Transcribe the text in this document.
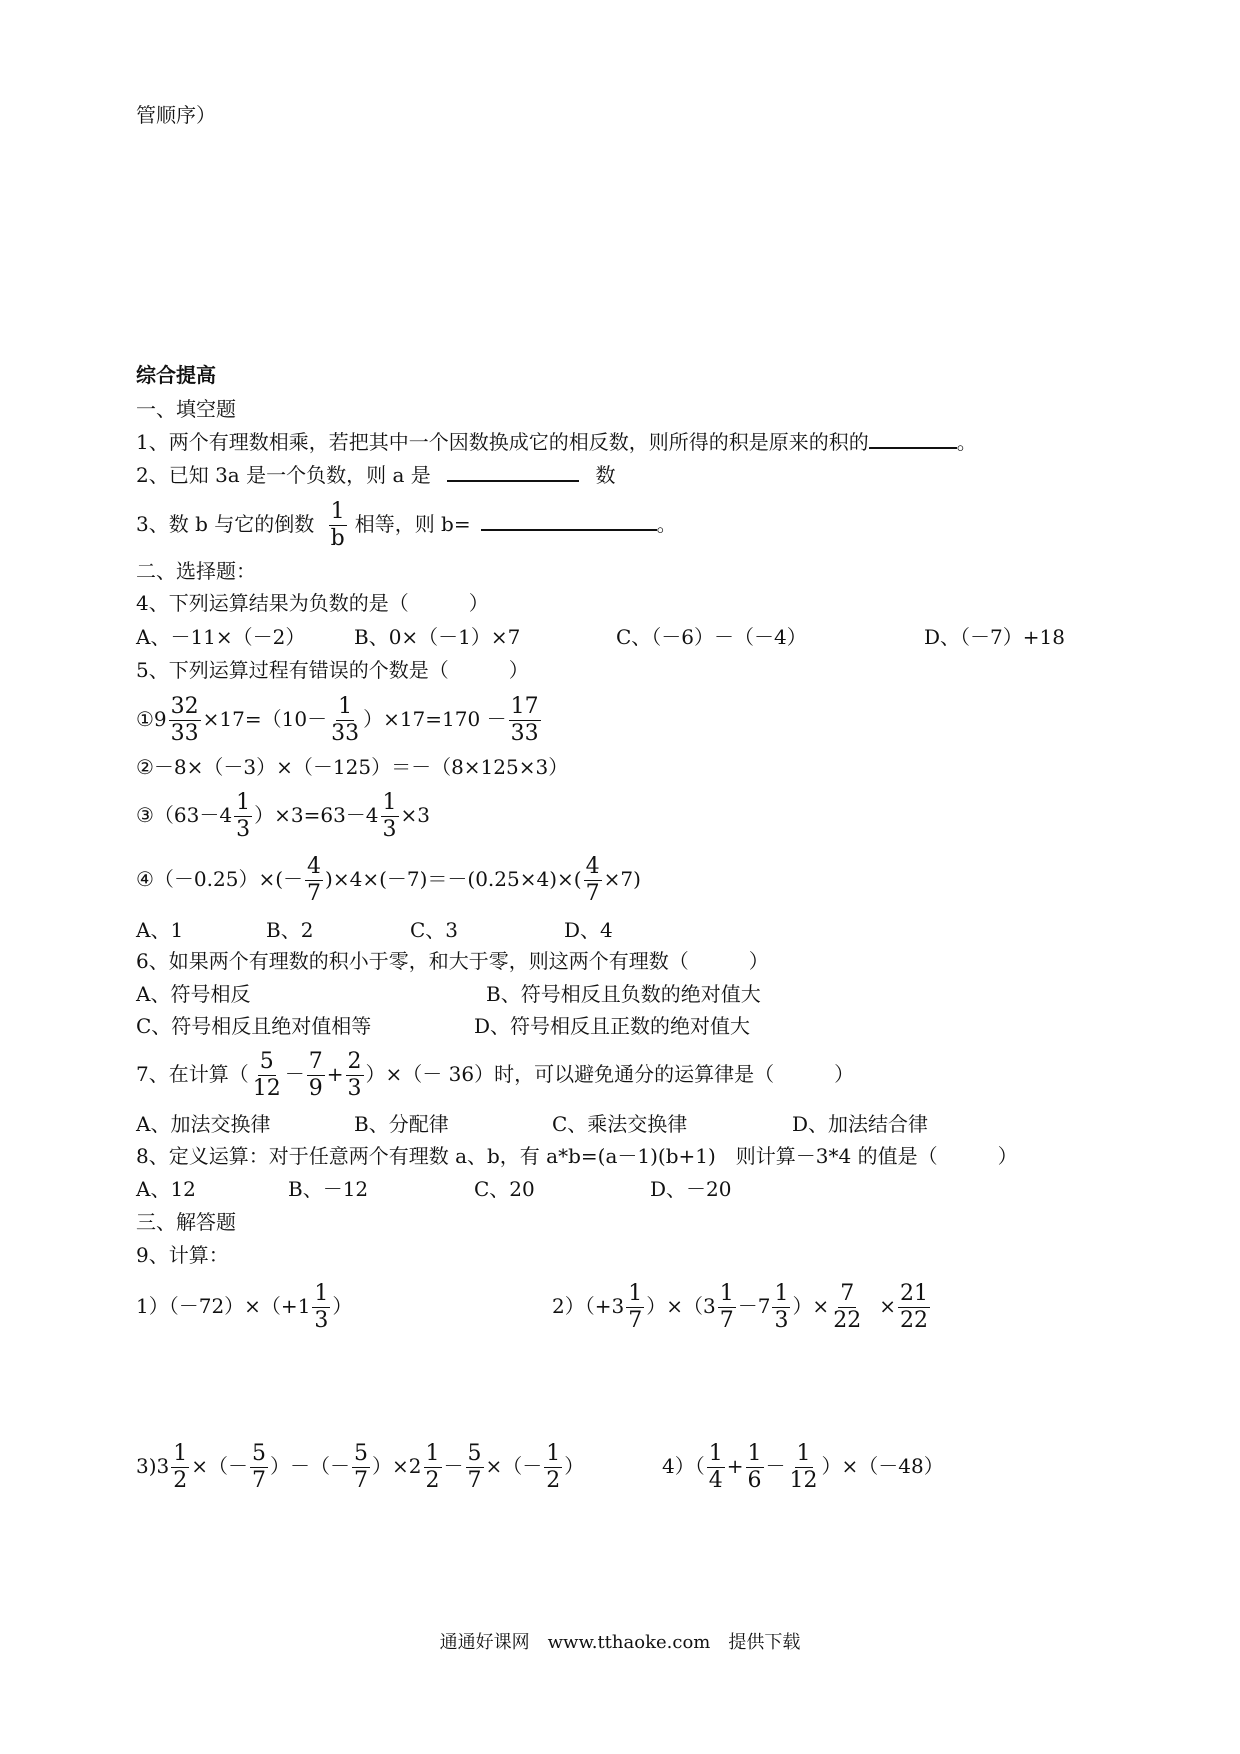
管顺序）
综合提高
一、填空题
1、两个有理数相乘，若把其中一个因数换成它的相反数，则所得的积是原来的积的	。
2、已知 3a 是一个负数，则 a 是	数
3、数 b 与它的倒数 $\frac{1}{b}$ 相等，则 b=	。
二、选择题：
4、下列运算结果为负数的是（　　　）
A、－11×（－2） B、0×（－1）×7	C、（－6）－（－4）	D、（－7）+18
5、下列运算过程有错误的个数是（　　　）
①9 $\frac{32}{33} \times 17=(10- \frac{1}{33} )\times 17=170 - \frac{17}{33}$
②－8×（－3）×（－125）＝－（8×125×3）
③（63－4 $\frac{1}{3} )\times 3=63-4 \frac{1}{3} \times 3$
④（－0.25）×(－ $\frac{4}{7} )\times 4\times(-7)=-(0.25\times 4)\times( \frac{4}{7} \times 7)$
A、1	B、2	C、3	D、4
6、如果两个有理数的积小于零，和大于零，则这两个有理数（　　　）
A、符号相反	B、符号相反且负数的绝对值大
C、符号相反且绝对值相等	D、符号相反且正数的绝对值大
7、在计算（ $\frac{5}{12} - \frac{7}{9} + \frac{2}{3}$ ）×（－ 36）时，可以避免通分的运算律是（　　　）
A、加法交换律	B、分配律	C、乘法交换律	D、加法结合律
8、定义运算：对于任意两个有理数 a、b，有 a*b=(a－1)(b+1)　则计算－3*4 的值是（　　　）
A、12	B、－12	C、20	D、－20
三、解答题
9、计算：
$1)(-72)\times(+1 \frac{1}{3}$ ）	$2)(+3 \frac{1}{7} )\times(3 \frac{1}{7} -7 \frac{1}{3}$ ）× $\frac{7}{22} \times \frac{21}{22}$
$3)3 \frac{1}{2}$ ×（－ $\frac{5}{7}$ ）－（－ $\frac{5}{7} )\times 2 \frac{1}{2} - \frac{5}{7}$ ×（－ $\frac{1}{2}$ ）	$4)( \frac{1}{4} + \frac{1}{6} - \frac{1}{12} )\times(-48)$
通通好课网　www.tthaoke.com　提供下载
